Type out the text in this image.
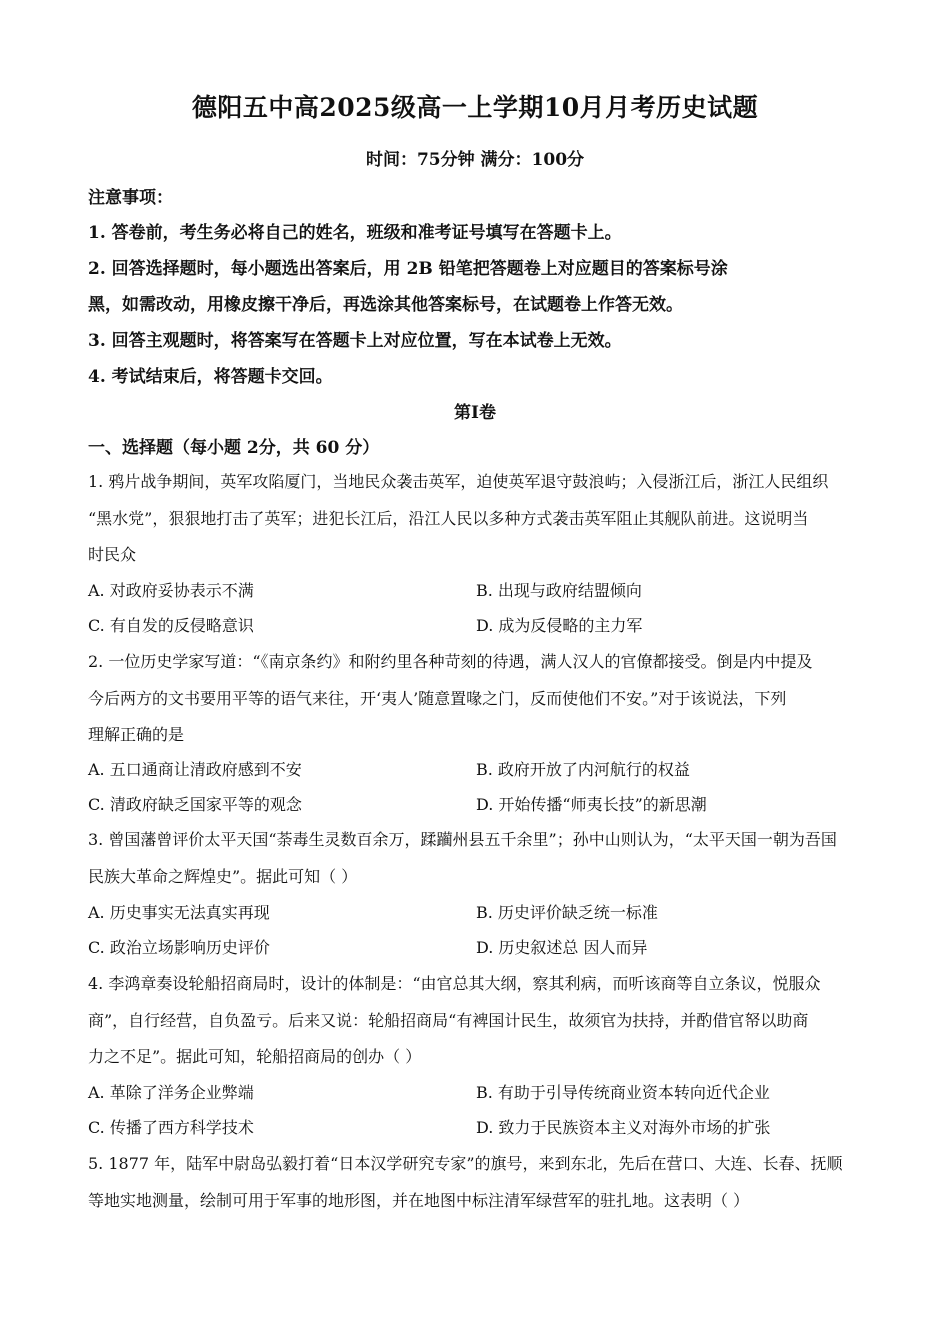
德阳五中高2025级高一上学期10月月考历史试题
时间：75分钟 满分：100分
注意事项：
1. 答卷前，考生务必将自己的姓名，班级和准考证号填写在答题卡上。
2. 回答选择题时，每小题选出答案后，用 2B 铅笔把答题卷上对应题目的答案标号涂
黑，如需改动，用橡皮擦干净后，再选涂其他答案标号，在试题卷上作答无效。
3. 回答主观题时，将答案写在答题卡上对应位置，写在本试卷上无效。
4. 考试结束后，将答题卡交回。
第Ⅰ卷
一、选择题（每小题 2分，共 60 分）
1. 鸦片战争期间，英军攻陷厦门，当地民众袭击英军，迫使英军退守鼓浪屿；入侵浙江后，浙江人民组织
“黑水党”，狠狠地打击了英军；进犯长江后，沿江人民以多种方式袭击英军阻止其舰队前进。这说明当
时民众
A. 对政府妥协表示不满	B. 出现与政府结盟倾向
C. 有自发的反侵略意识	D. 成为反侵略的主力军
2. 一位历史学家写道：“《南京条约》和附约里各种苛刻的待遇，满人汉人的官僚都接受。倒是内中提及
今后两方的文书要用平等的语气来往，开‘夷人’随意置喙之门，反而使他们不安。”对于该说法，下列
理解正确的是
A. 五口通商让清政府感到不安	B. 政府开放了内河航行的权益
C. 清政府缺乏国家平等的观念	D. 开始传播“师夷长技”的新思潮
3. 曾国藩曾评价太平天国“荼毒生灵数百余万，蹂躏州县五千余里”；孙中山则认为，“太平天国一朝为吾国
民族大革命之辉煌史”。据此可知（ ）
A. 历史事实无法真实再现	B. 历史评价缺乏统一标准
C. 政治立场影响历史评价	D. 历史叙述总 因人而异
4. 李鸿章奏设轮船招商局时，设计的体制是：“由官总其大纲，察其利病，而听该商等自立条议，悦服众
商”，自行经营，自负盈亏。后来又说：轮船招商局“有裨国计民生，故须官为扶持，并酌借官帑以助商
力之不足”。据此可知，轮船招商局的创办（ ）
A. 革除了洋务企业弊端	B. 有助于引导传统商业资本转向近代企业
C. 传播了西方科学技术	D. 致力于民族资本主义对海外市场的扩张
5. 1877 年，陆军中尉岛弘毅打着“日本汉学研究专家”的旗号，来到东北，先后在营口、大连、长春、抚顺
等地实地测量，绘制可用于军事的地形图，并在地图中标注清军绿营军的驻扎地。这表明（ ）
